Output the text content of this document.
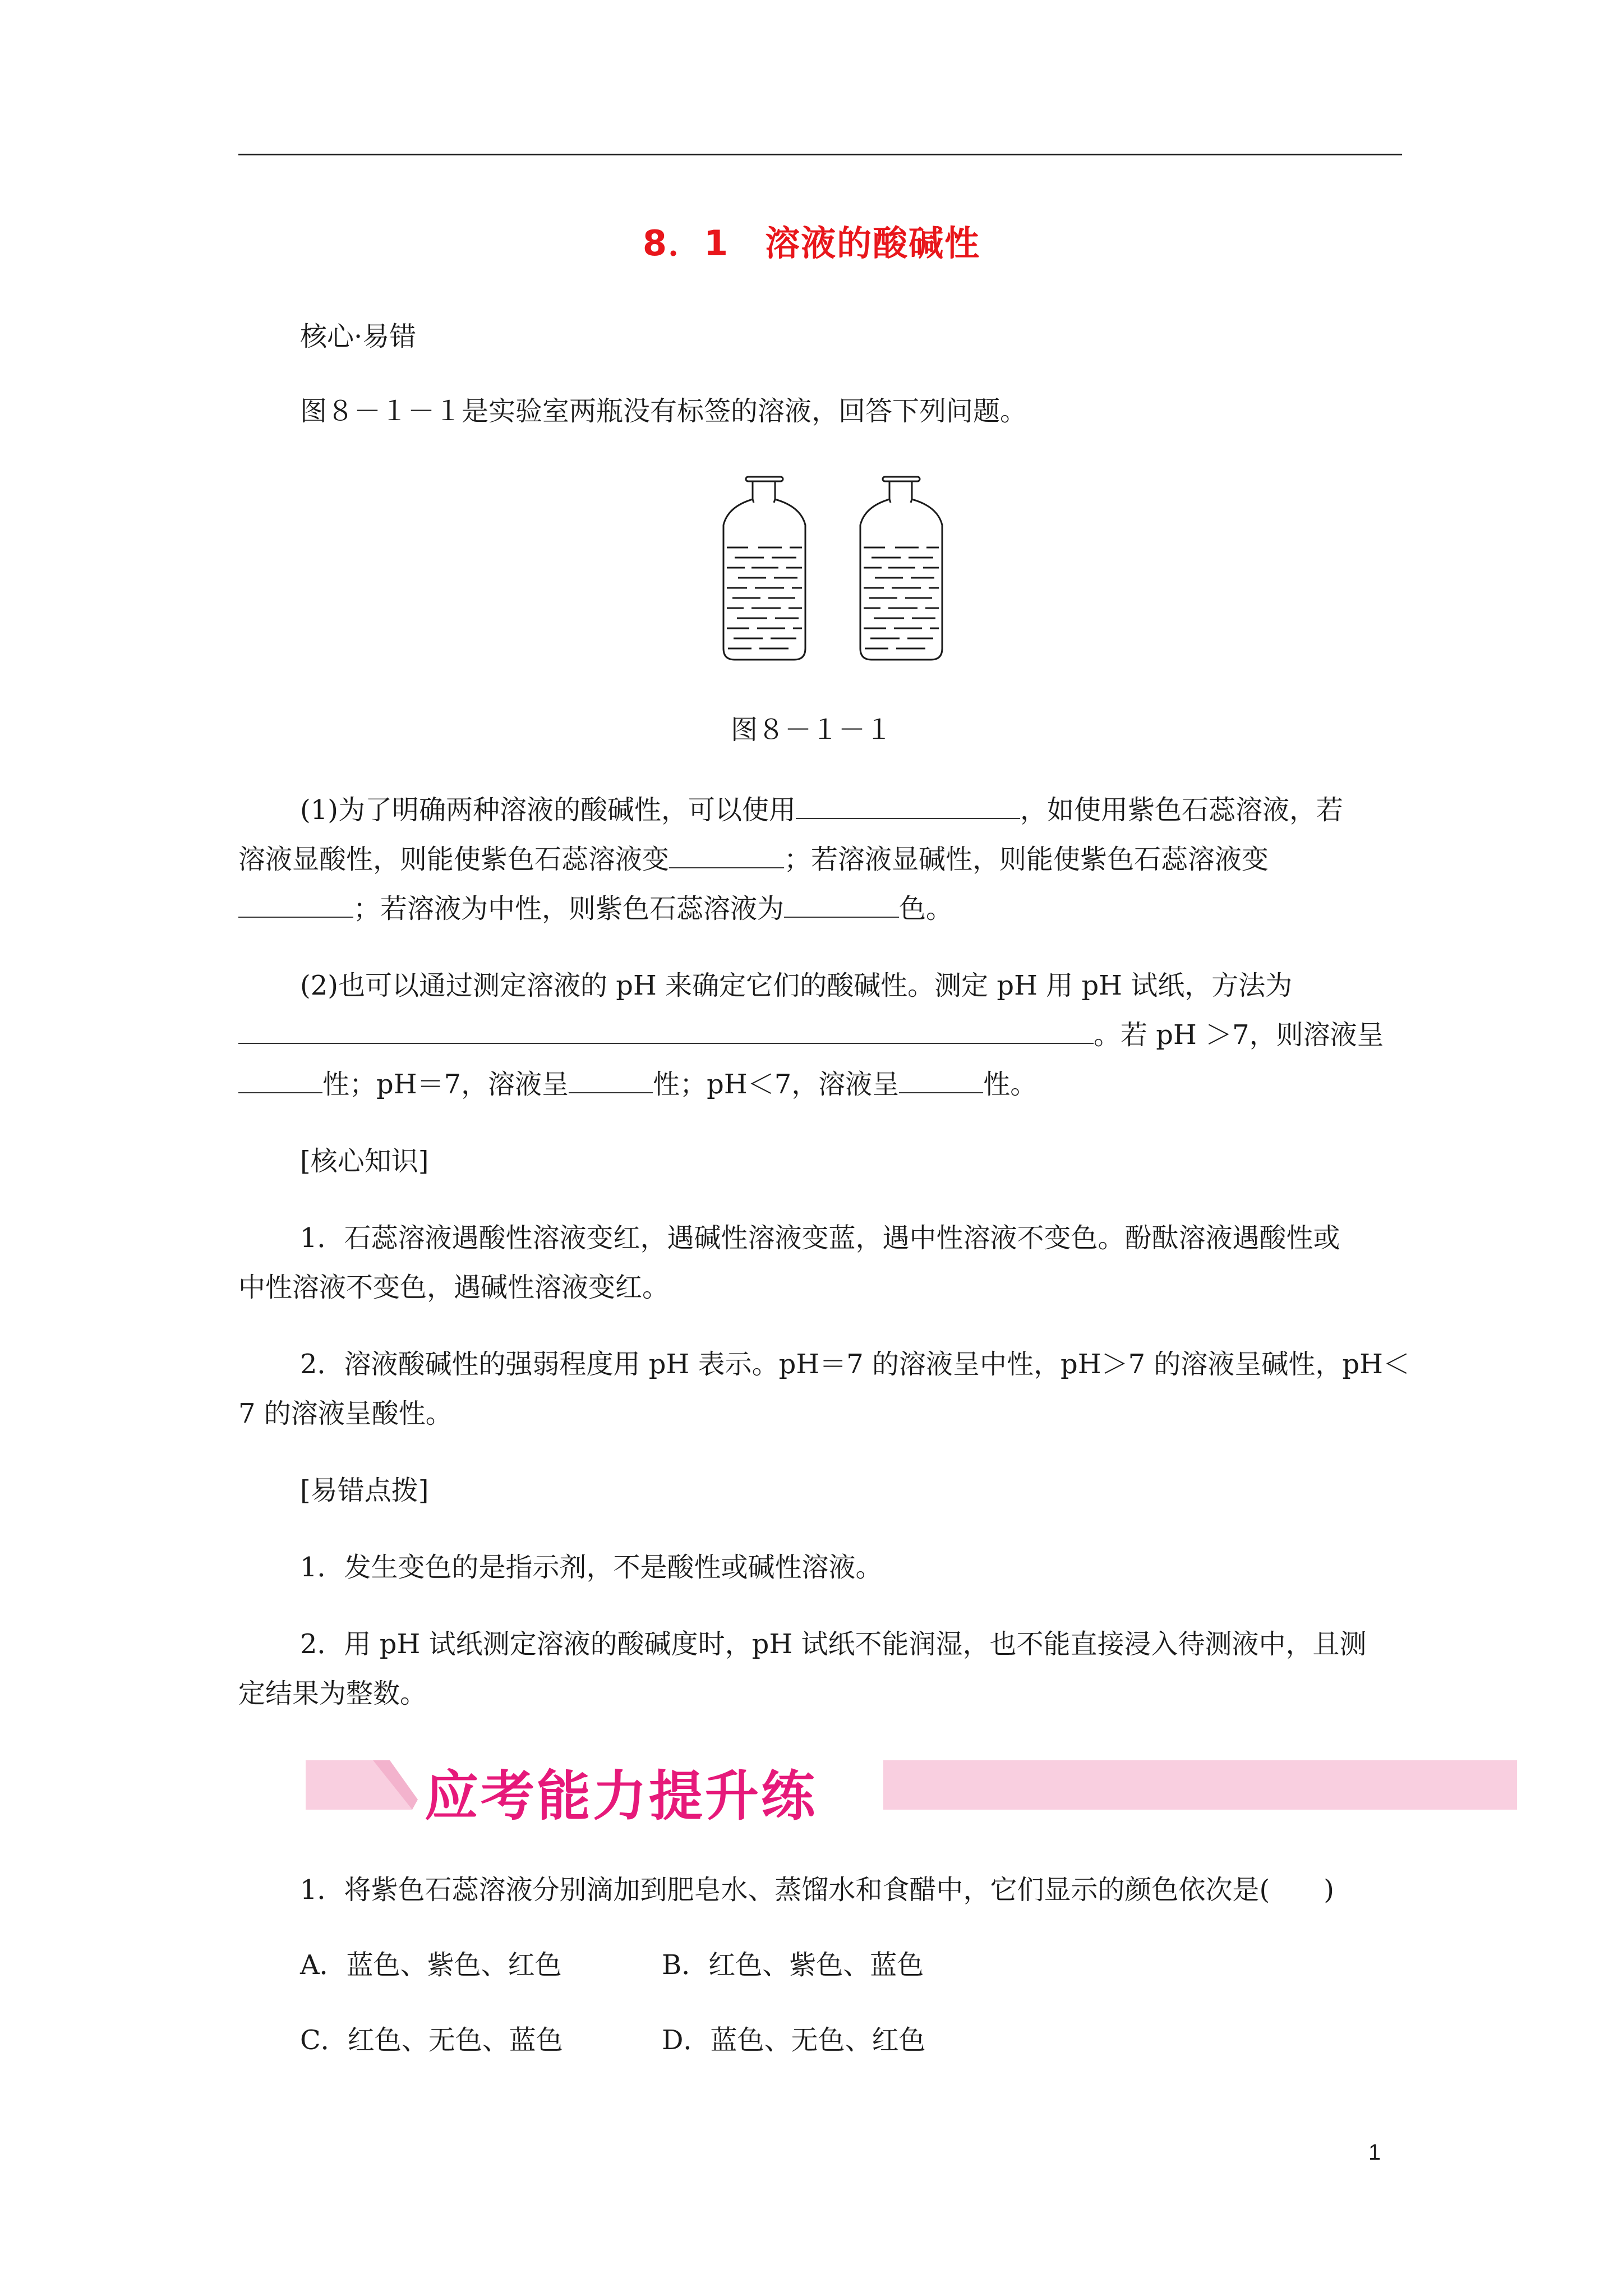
8．1　溶液的酸碱性
核心·易错
图８－１－１是实验室两瓶没有标签的溶液，回答下列问题。
图８－１－１
(1)为了明确两种溶液的酸碱性，可以使用	，如使用紫色石蕊溶液，若
溶液显酸性，则能使紫色石蕊溶液变	；若溶液显碱性，则能使紫色石蕊溶液变
；若溶液为中性，则紫色石蕊溶液为	色。
(2)也可以通过测定溶液的 pH 来确定它们的酸碱性。测定 pH 用 pH 试纸，方法为
。若 pH ＞7，则溶液呈
性；pH＝7，溶液呈	性；pH＜7，溶液呈	性。
[核心知识]
1．石蕊溶液遇酸性溶液变红，遇碱性溶液变蓝，遇中性溶液不变色。酚酞溶液遇酸性或
中性溶液不变色，遇碱性溶液变红。
2．溶液酸碱性的强弱程度用 pH 表示。pH＝7 的溶液呈中性，pH＞7 的溶液呈碱性，pH＜
7 的溶液呈酸性。
[易错点拨]
1．发生变色的是指示剂，不是酸性或碱性溶液。
2．用 pH 试纸测定溶液的酸碱度时，pH 试纸不能润湿，也不能直接浸入待测液中，且测
定结果为整数。
应考能力提升练
1．将紫色石蕊溶液分别滴加到肥皂水、蒸馏水和食醋中，它们显示的颜色依次是(　　)
A．蓝色、紫色、红色	B．红色、紫色、蓝色
C．红色、无色、蓝色	D．蓝色、无色、红色
1
